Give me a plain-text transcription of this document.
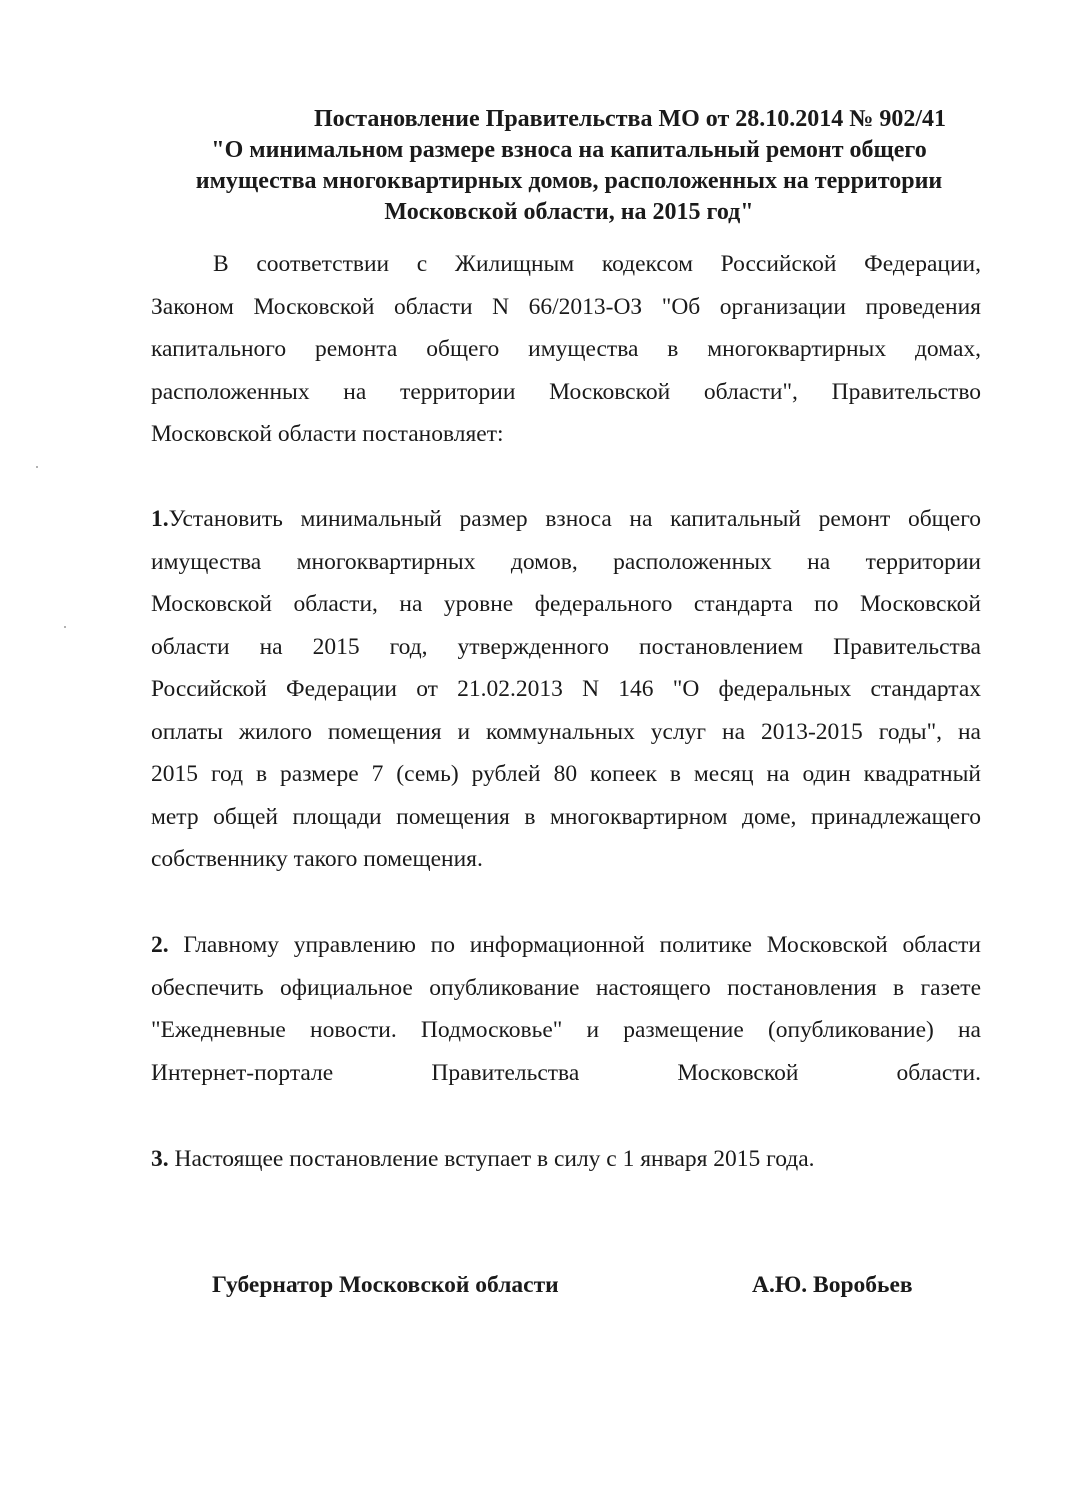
Постановление Правительства МО от 28.10.2014 № 902/41
"О минимальном размере взноса на капитальный ремонт общего
имущества многоквартирных домов, расположенных на территории
Московской области, на 2015 год"
В соответствии с Жилищным кодексом Российской Федерации,
Законом Московской области N 66/2013-ОЗ "Об организации проведения
капитального ремонта общего имущества в многоквартирных домах,
расположенных на территории Московской области", Правительство
Московской области постановляет:
1.Установить минимальный размер взноса на капитальный ремонт общего
имущества многоквартирных домов, расположенных на территории
Московской области, на уровне федерального стандарта по Московской
области на 2015 год, утвержденного постановлением Правительства
Российской Федерации от 21.02.2013 N 146 "О федеральных стандартах
оплаты жилого помещения и коммунальных услуг на 2013-2015 годы", на
2015 год в размере 7 (семь) рублей 80 копеек в месяц на один квадратный
метр общей площади помещения в многоквартирном доме, принадлежащего
собственнику такого помещения.
2. Главному управлению по информационной политике Московской области
обеспечить официальное опубликование настоящего постановления в газете
"Ежедневные новости. Подмосковье" и размещение (опубликование) на
Интернет-портале Правительства Московской области.
3. Настоящее постановление вступает в силу с 1 января 2015 года.
Губернатор Московской области	А.Ю. Воробьев
